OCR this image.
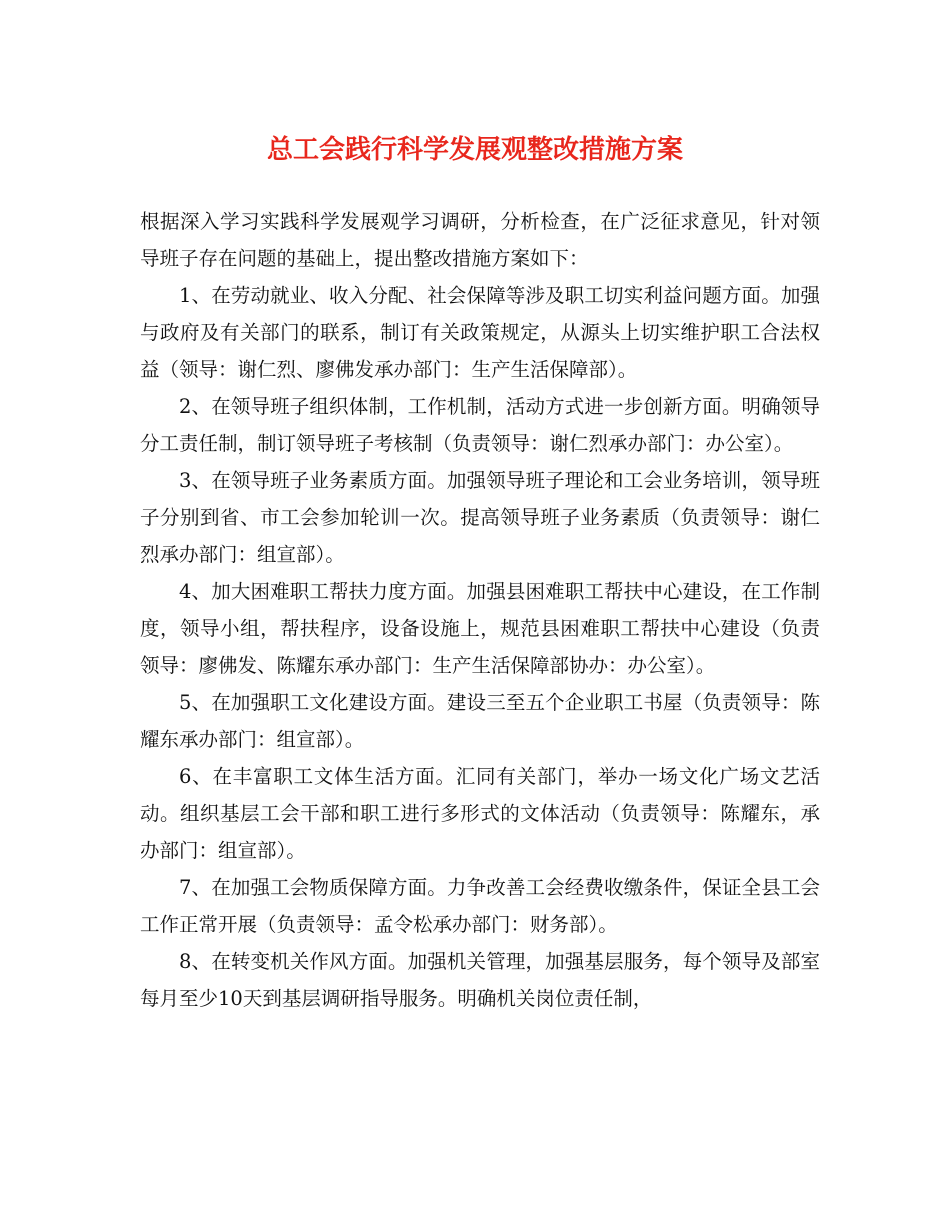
总工会践行科学发展观整改措施方案

根据深入学习实践科学发展观学习调研，分析检查，在广泛征求意见，针对领导班子存在问题的基础上，提出整改措施方案如下：

1、在劳动就业、收入分配、社会保障等涉及职工切实利益问题方面。加强与政府及有关部门的联系，制订有关政策规定，从源头上切实维护职工合法权益（领导：谢仁烈、廖佛发承办部门：生产生活保障部）。

2、在领导班子组织体制，工作机制，活动方式进一步创新方面。明确领导分工责任制，制订领导班子考核制（负责领导：谢仁烈承办部门：办公室）。

3、在领导班子业务素质方面。加强领导班子理论和工会业务培训，领导班子分别到省、市工会参加轮训一次。提高领导班子业务素质（负责领导：谢仁烈承办部门：组宣部）。

4、加大困难职工帮扶力度方面。加强县困难职工帮扶中心建设，在工作制度，领导小组，帮扶程序，设备设施上，规范县困难职工帮扶中心建设（负责领导：廖佛发、陈耀东承办部门：生产生活保障部协办：办公室）。

5、在加强职工文化建设方面。建设三至五个企业职工书屋（负责领导：陈耀东承办部门：组宣部）。

6、在丰富职工文体生活方面。汇同有关部门，举办一场文化广场文艺活动。组织基层工会干部和职工进行多形式的文体活动（负责领导：陈耀东，承办部门：组宣部）。

7、在加强工会物质保障方面。力争改善工会经费收缴条件，保证全县工会工作正常开展（负责领导：孟令松承办部门：财务部）。

8、在转变机关作风方面。加强机关管理，加强基层服务，每个领导及部室每月至少10天到基层调研指导服务。明确机关岗位责任制，
